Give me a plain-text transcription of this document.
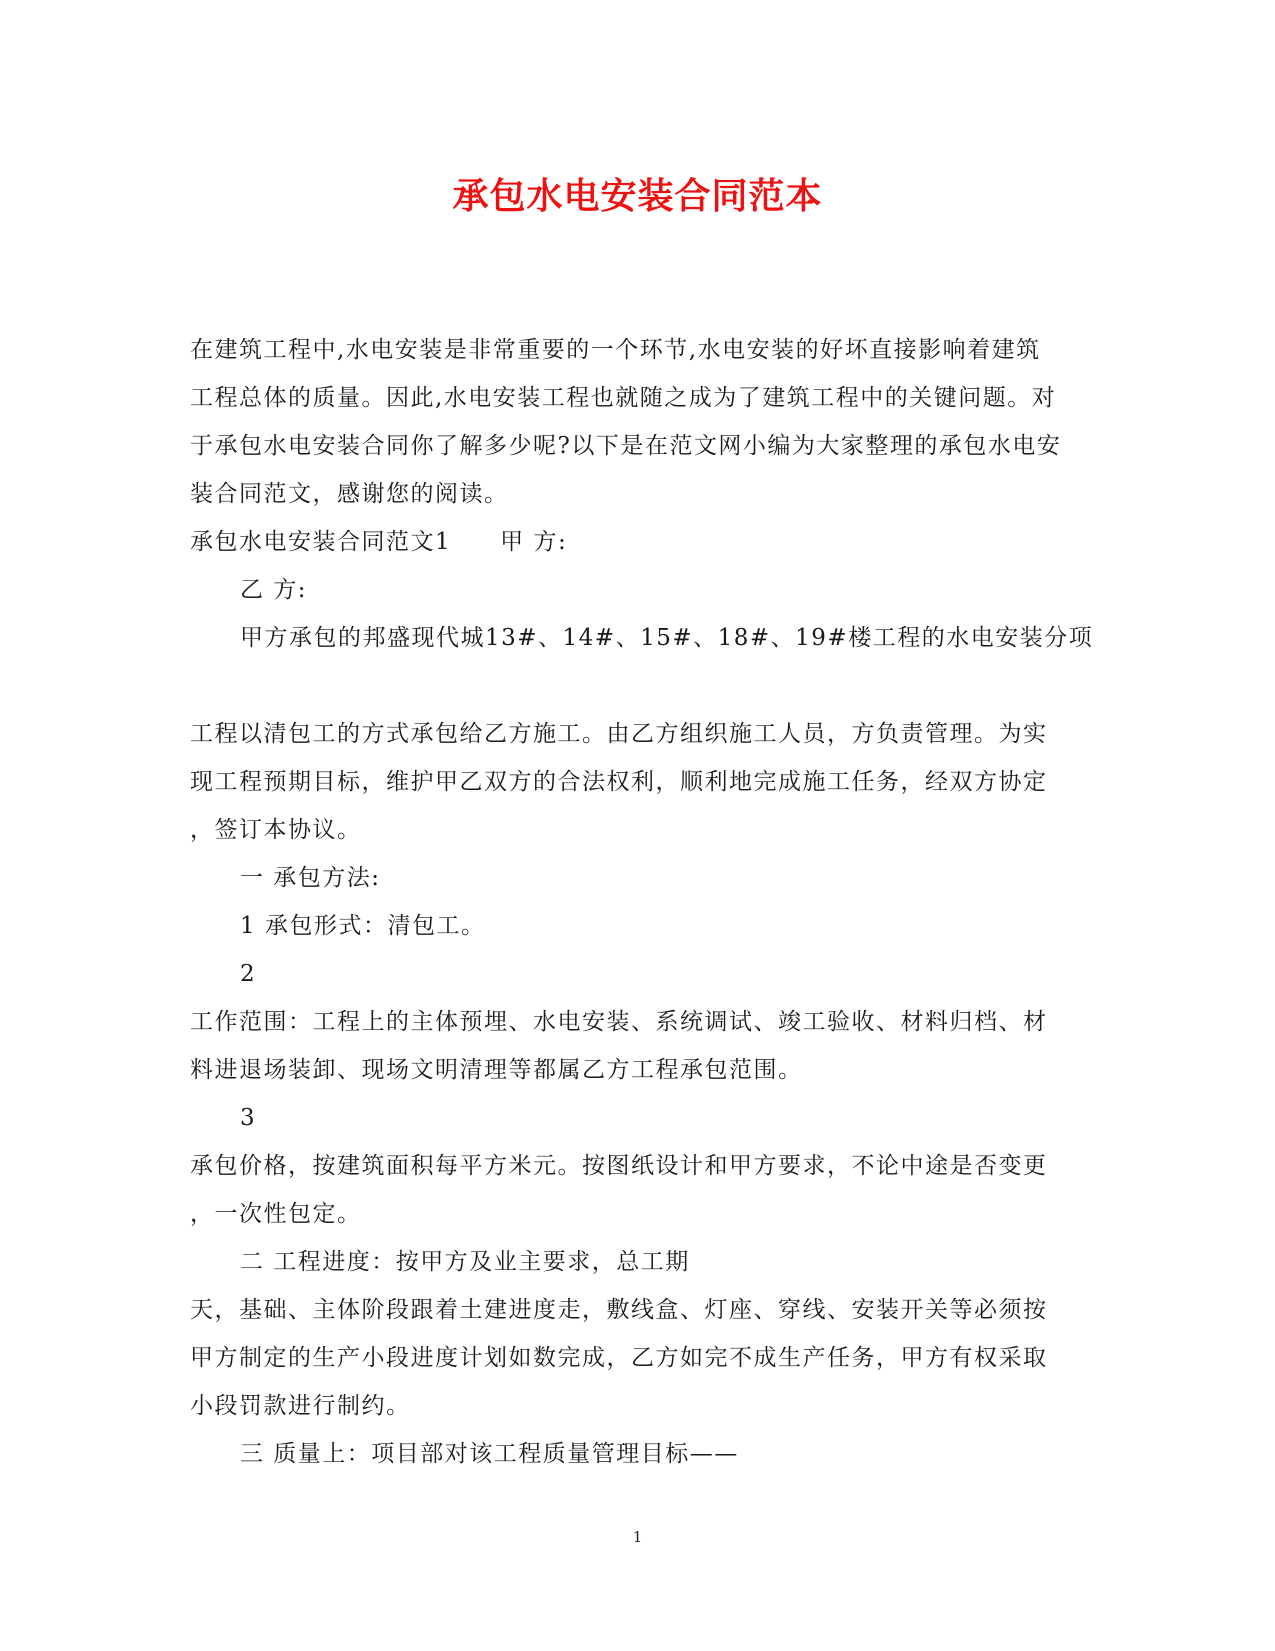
承包水电安装合同范本
在建筑工程中,水电安装是非常重要的一个环节,水电安装的好坏直接影响着建筑
工程总体的质量。因此,水电安装工程也就随之成为了建筑工程中的关键问题。对
于承包水电安装合同你了解多少呢?以下是在范文网小编为大家整理的承包水电安
装合同范文，感谢您的阅读。
承包水电安装合同范文1　　甲 方:
乙 方:
甲方承包的邦盛现代城13#、14#、15#、18#、19#楼工程的水电安装分项
工程以清包工的方式承包给乙方施工。由乙方组织施工人员，方负责管理。为实
现工程预期目标，维护甲乙双方的合法权利，顺利地完成施工任务，经双方协定
，签订本协议。
一 承包方法:
1 承包形式：清包工。
2
工作范围：工程上的主体预埋、水电安装、系统调试、竣工验收、材料归档、材
料进退场装卸、现场文明清理等都属乙方工程承包范围。
3
承包价格，按建筑面积每平方米元。按图纸设计和甲方要求，不论中途是否变更
，一次性包定。
二 工程进度：按甲方及业主要求，总工期
天，基础、主体阶段跟着土建进度走，敷线盒、灯座、穿线、安装开关等必须按
甲方制定的生产小段进度计划如数完成，乙方如完不成生产任务，甲方有权采取
小段罚款进行制约。
三 质量上：项目部对该工程质量管理目标——
1
